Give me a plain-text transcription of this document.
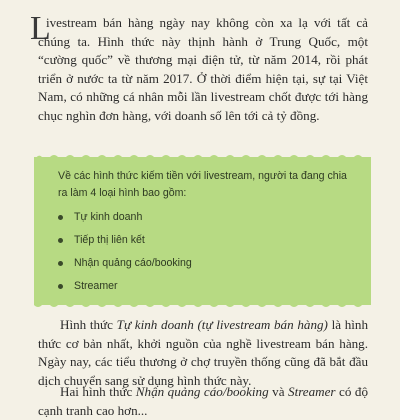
L

ivestream bán hàng ngày nay không còn xa lạ với tất cả chúng ta. Hình thức này thịnh hành ở Trung Quốc, một “cường quốc” về thương mại điện tử, từ năm 2014, rồi phát triển ở nước ta từ năm 2017. Ở thời điểm hiện tại, sự tại Việt Nam, có những cá nhân mỗi lần livestream chốt được tới hàng chục nghìn đơn hàng, với doanh số lên tới cả tỷ đồng.

Về các hình thức kiếm tiền với livestream, người ta đang chia ra làm 4 loại hình bao gồm:

Tự kinh doanh
Tiếp thị liên kết
Nhận quảng cáo/booking
Streamer

Hình thức Tự kinh doanh (tự livestream bán hàng) là hình thức cơ bản nhất, khởi nguồn của nghề livestream bán hàng. Ngày nay, các tiểu thương ở chợ truyền thống cũng đã bắt đầu dịch chuyển sang sử dụng hình thức này.

Hai hình thức Nhận quảng cáo/booking và Streamer có độ cạnh tranh cao hơn...
